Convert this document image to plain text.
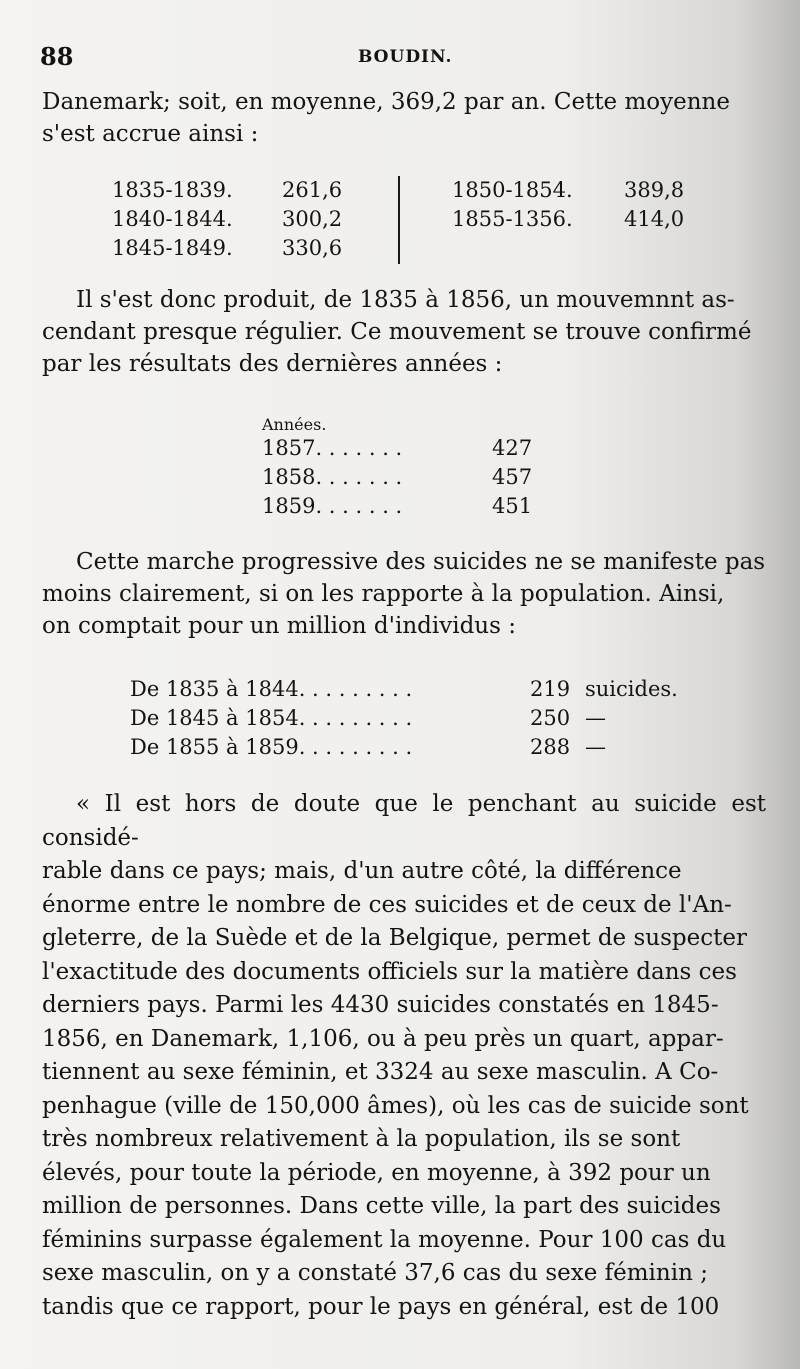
88	BOUDIN.

Danemark; soit, en moyenne, 369,2 par an. Cette moyenne

s'est accrue ainsi :

1835-1839. 261,6
1840-1844. 300,2
1845-1849. 330,6
1850-1854. 389,8
1855-1356. 414,0

Il s'est donc produit, de 1835 à 1856, un mouvemnnt as-

cendant presque régulier. Ce mouvement se trouve confirmé

par les résultats des dernières années :

Années.
1857. . . . . . .	427
1858. . . . . . .	457
1859. . . . . . .	451

Cette marche progressive des suicides ne se manifeste pas

moins clairement, si on les rapporte à la population. Ainsi,

on comptait pour un million d'individus :

De 1835 à 1844. . . . . . . . .	219 suicides.
De 1845 à 1854. . . . . . . . .	250 —
De 1855 à 1859. . . . . . . . .	288 —

« Il est hors de doute que le penchant au suicide est considé-

rable dans ce pays; mais, d'un autre côté, la différence

énorme entre le nombre de ces suicides et de ceux de l'An-

gleterre, de la Suède et de la Belgique, permet de suspecter

l'exactitude des documents officiels sur la matière dans ces

derniers pays. Parmi les 4430 suicides constatés en 1845-

1856, en Danemark, 1,106, ou à peu près un quart, appar-

tiennent au sexe féminin, et 3324 au sexe masculin. A Co-

penhague (ville de 150,000 âmes), où les cas de suicide sont

très nombreux relativement à la population, ils se sont

élevés, pour toute la période, en moyenne, à 392 pour un

million de personnes. Dans cette ville, la part des suicides

féminins surpasse également la moyenne. Pour 100 cas du

sexe masculin, on y a constaté 37,6 cas du sexe féminin ;

tandis que ce rapport, pour le pays en général, est de 100
